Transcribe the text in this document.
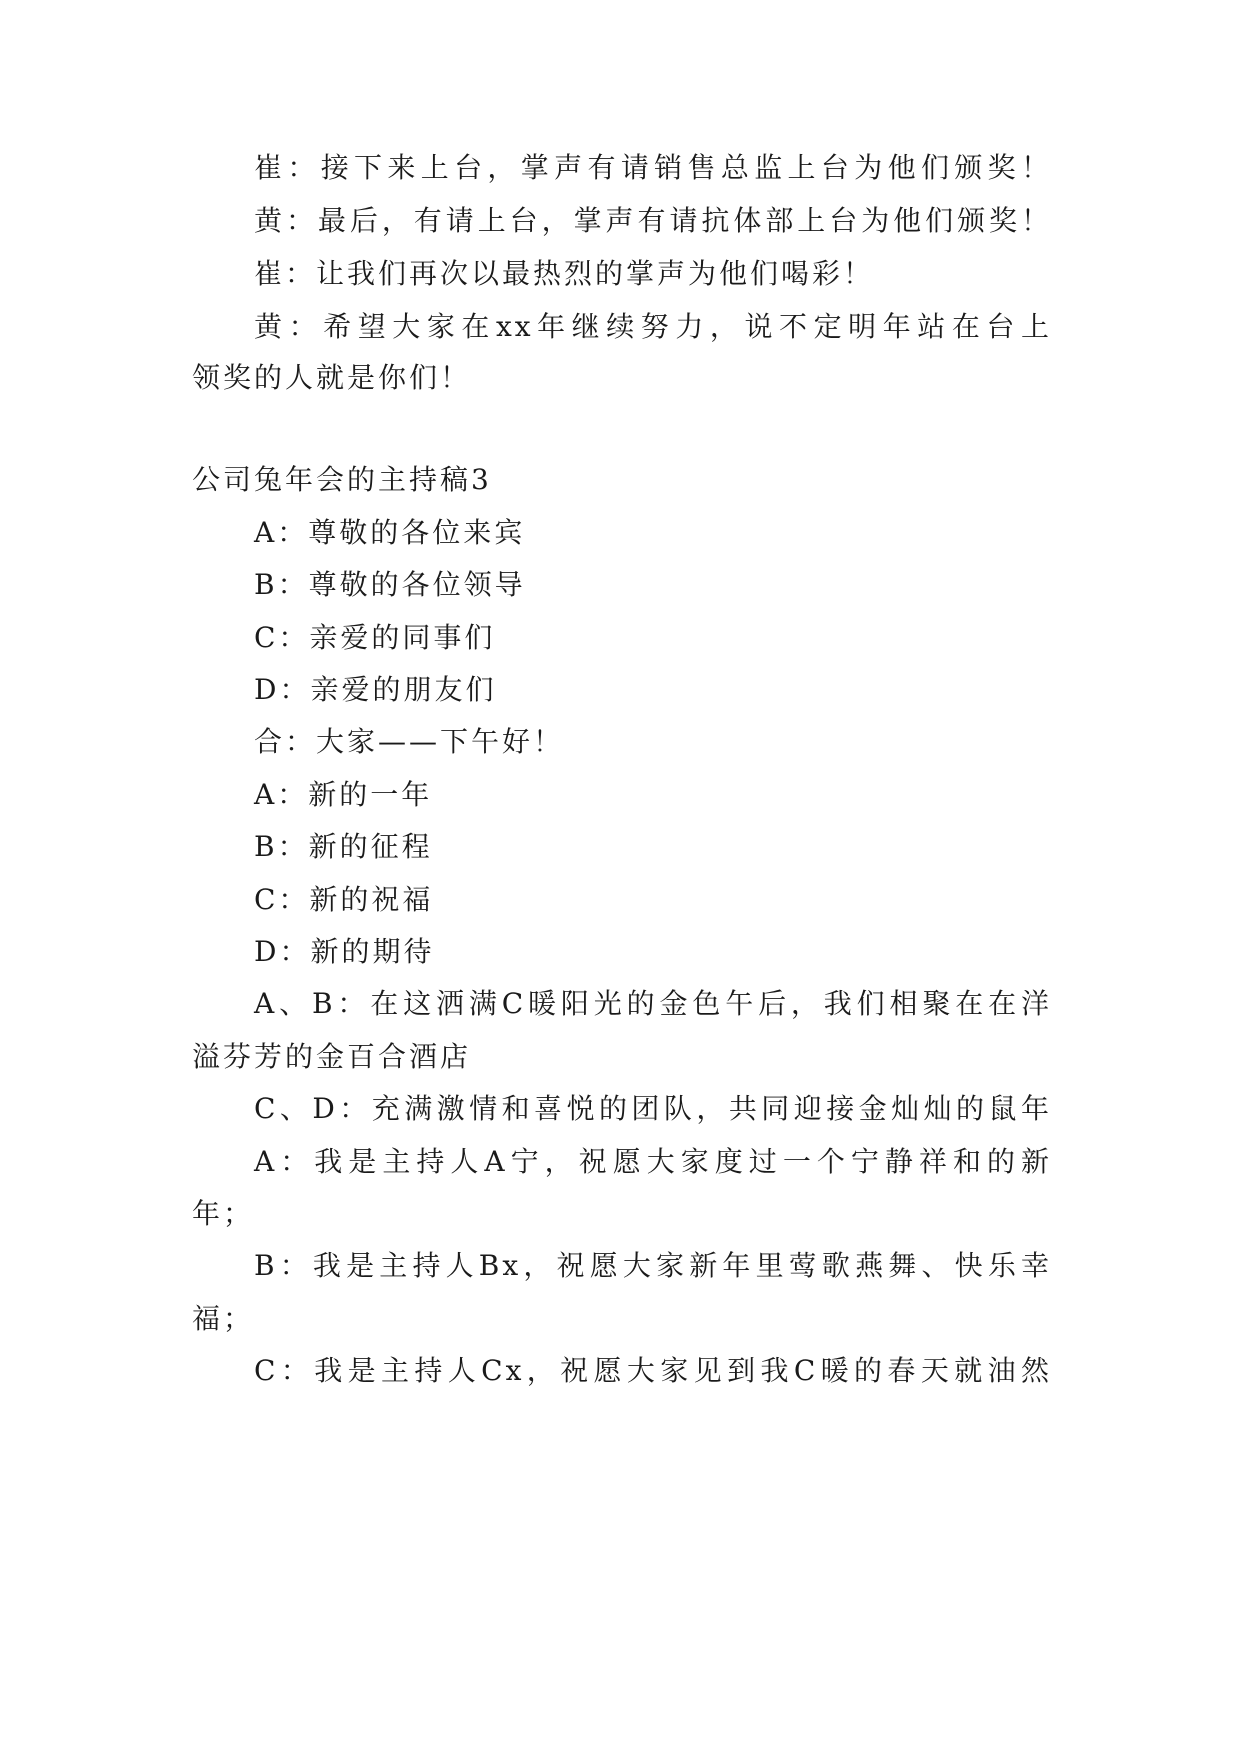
崔：接下来上台，掌声有请销售总监上台为他们颁奖！
黄：最后，有请上台，掌声有请抗体部上台为他们颁奖！
崔：让我们再次以最热烈的掌声为他们喝彩！
黄：希望大家在xx年继续努力，说不定明年站在台上
领奖的人就是你们！
公司兔年会的主持稿3
A：尊敬的各位来宾
B：尊敬的各位领导
C：亲爱的同事们
D：亲爱的朋友们
合：大家——下午好！
A：新的一年
B：新的征程
C：新的祝福
D：新的期待
A、B：在这洒满C暖阳光的金色午后，我们相聚在在洋
溢芬芳的金百合酒店
C、D：充满激情和喜悦的团队，共同迎接金灿灿的鼠年
A：我是主持人A宁，祝愿大家度过一个宁静祥和的新
年；
B：我是主持人Bx，祝愿大家新年里莺歌燕舞、快乐幸
福；
C：我是主持人Cx，祝愿大家见到我C暖的春天就油然
